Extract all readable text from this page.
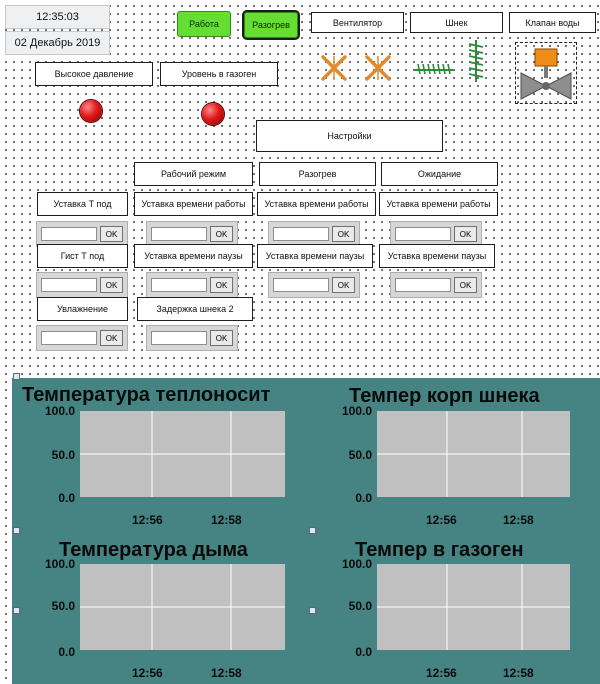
12:35:03
02 Декабрь 2019
Работа	Разогрев	Вентилятор	Шнек	Клапан воды
Высокое давление	Уровень в газоген
Настройки
Рабочий режим	Разогрев	Ожидание
Уставка Т под	Уставка времени работы Уставка времени работы Уставка времени работы
OK	OK	OK	OK
Гист Т под	Уставка времени паузы	Уставка времени паузы	Уставка времени паузы
OK	OK	OK	OK
Увлажнение	Задержка шнека 2
OK	OK
Температура теплоносит
100.0
50.0
0.0
12:56	12:58
Темпер корп шнека
100.0
50.0
0.0
12:56	12:58
Температура дыма
100.0
50.0
0.0
12:56	12:58
Темпер в газоген
100.0
50.0
0.0
12:56	12:58
